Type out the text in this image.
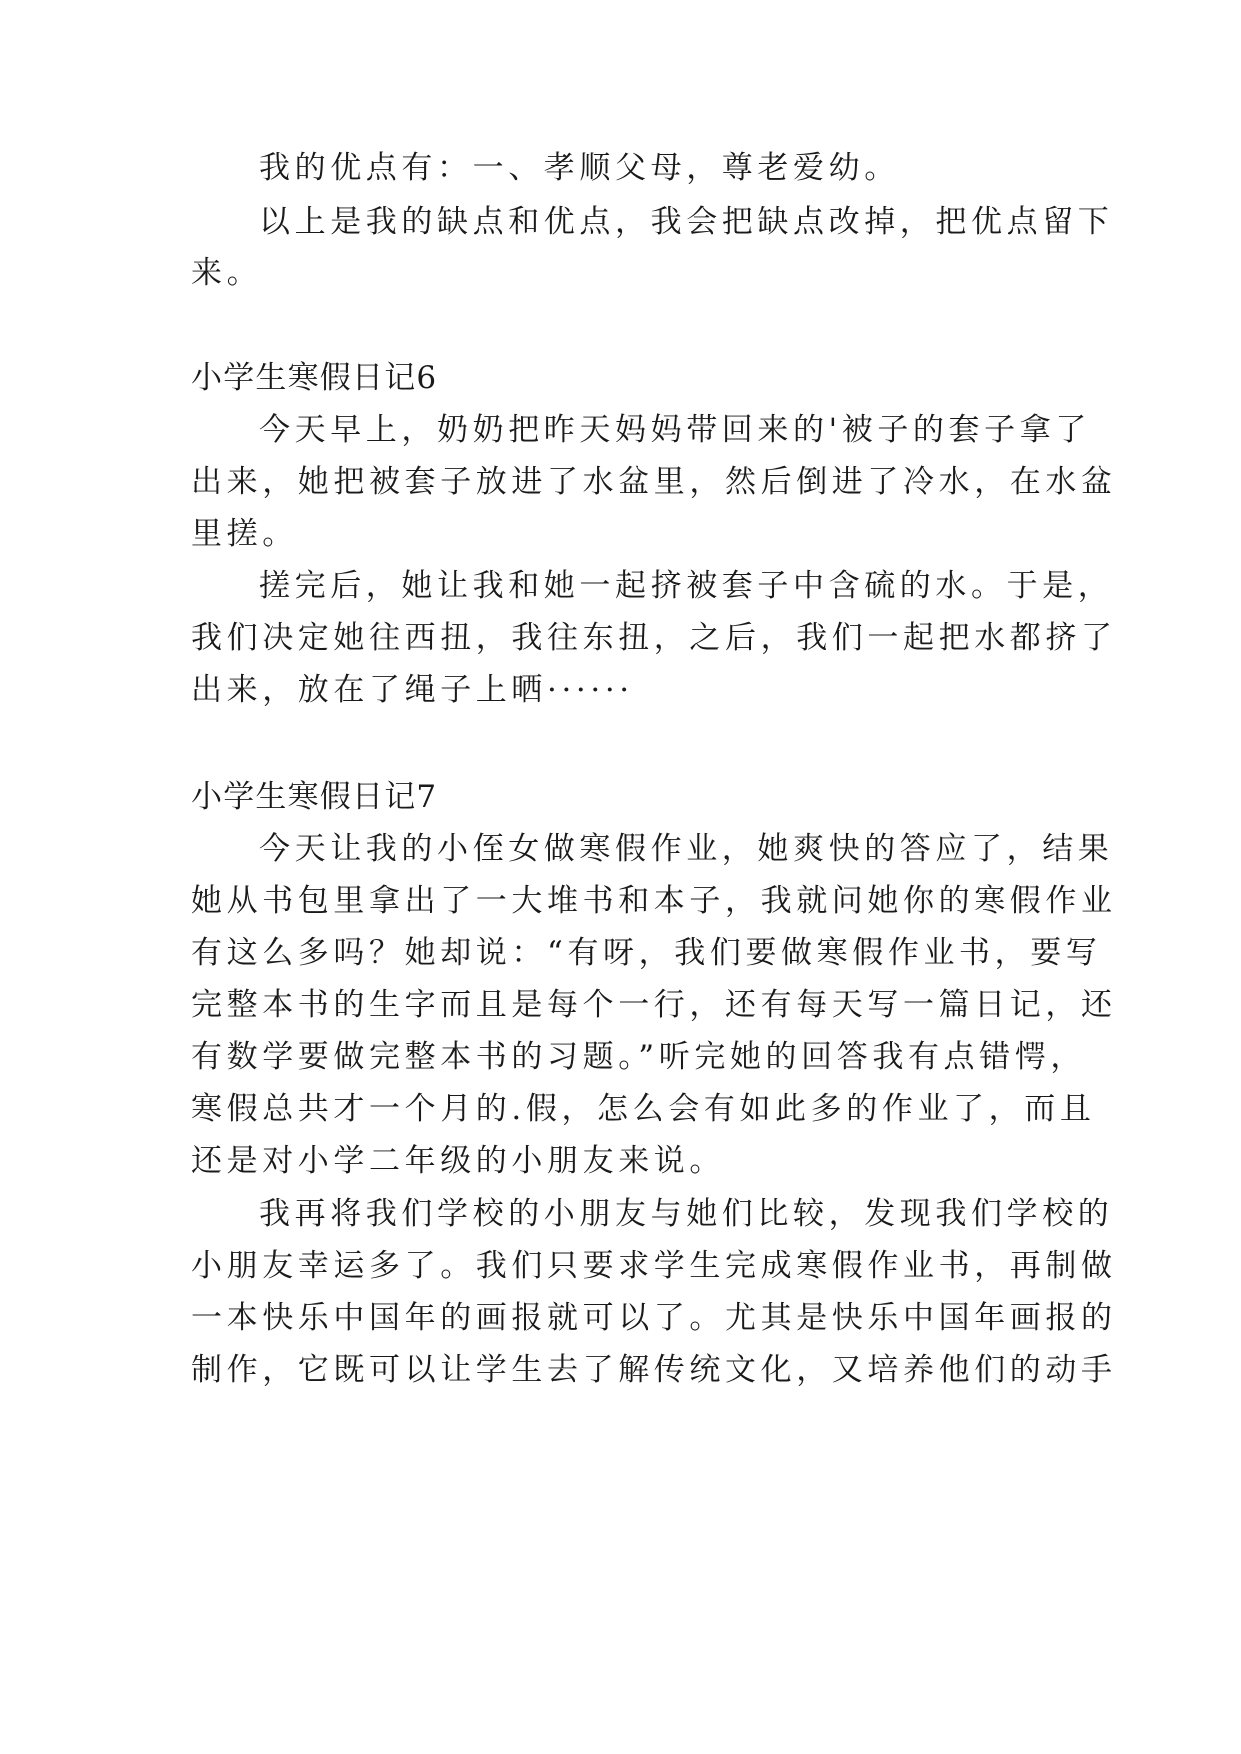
我的优点有：一、孝顺父母，尊老爱幼。
以上是我的缺点和优点，我会把缺点改掉，把优点留下
来。
小学生寒假日记6
今天早上，奶奶把昨天妈妈带回来的'被子的套子拿了
出来，她把被套子放进了水盆里，然后倒进了冷水，在水盆
里搓。
搓完后，她让我和她一起挤被套子中含硫的水。于是，
我们决定她往西扭，我往东扭，之后，我们一起把水都挤了
出来，放在了绳子上晒······
小学生寒假日记7
今天让我的小侄女做寒假作业，她爽快的答应了，结果
她从书包里拿出了一大堆书和本子，我就问她你的寒假作业
有这么多吗？她却说：“有呀，我们要做寒假作业书，要写
完整本书的生字而且是每个一行，还有每天写一篇日记，还
有数学要做完整本书的习题。”听完她的回答我有点错愕，
寒假总共才一个月的.假，怎么会有如此多的作业了，而且
还是对小学二年级的小朋友来说。
我再将我们学校的小朋友与她们比较，发现我们学校的
小朋友幸运多了。我们只要求学生完成寒假作业书，再制做
一本快乐中国年的画报就可以了。尤其是快乐中国年画报的
制作，它既可以让学生去了解传统文化，又培养他们的动手
